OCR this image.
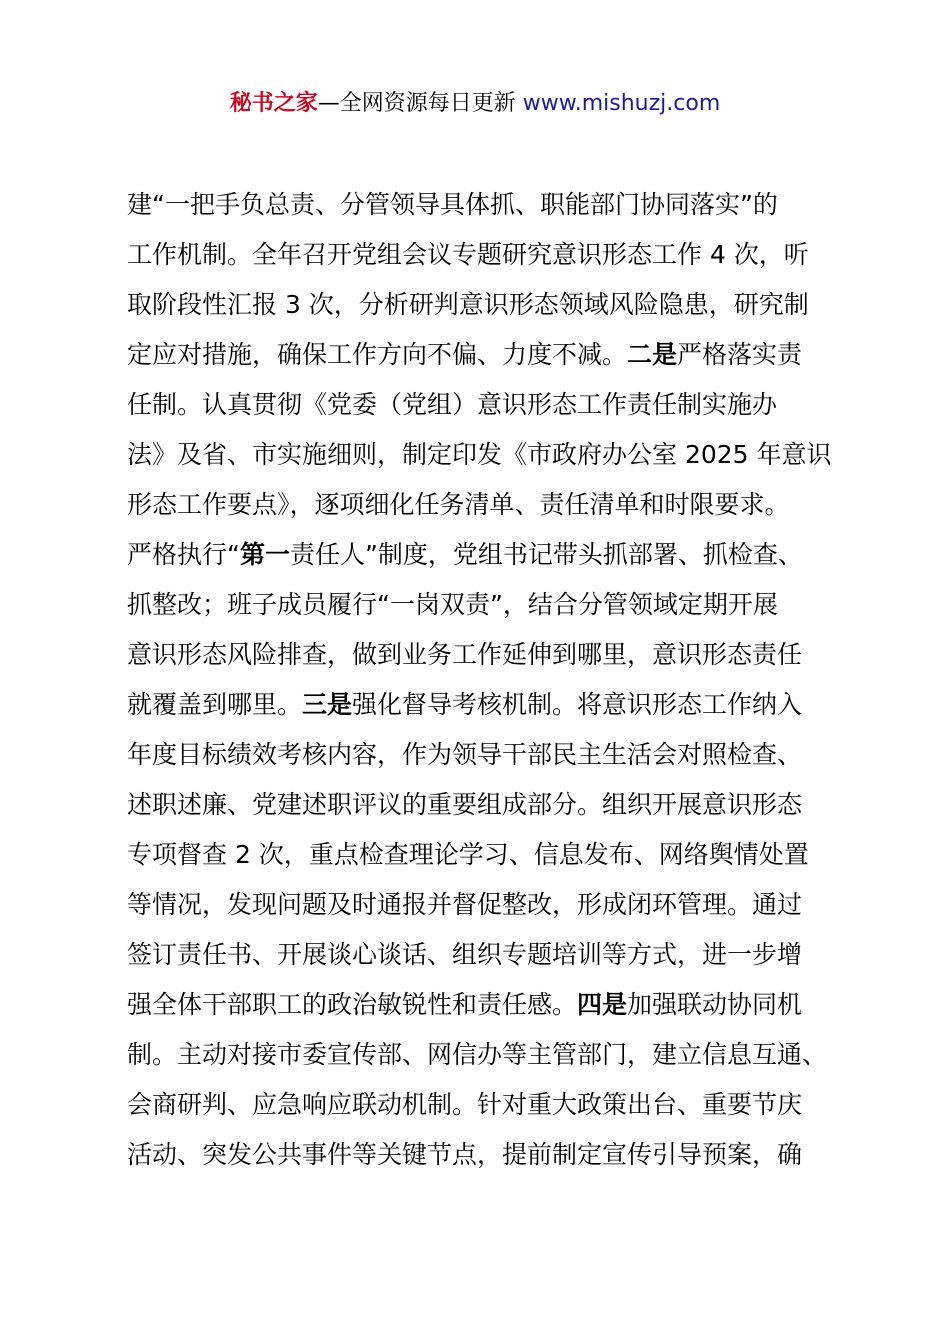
秘书之家—全网资源每日更新 www.mishuzj.com
建“一把手负总责、分管领导具体抓、职能部门协同落实”的
工作机制。全年召开党组会议专题研究意识形态工作 4 次，听
取阶段性汇报 3 次，分析研判意识形态领域风险隐患，研究制
定应对措施，确保工作方向不偏、力度不减。二是严格落实责
任制。认真贯彻《党委（党组）意识形态工作责任制实施办
法》及省、市实施细则，制定印发《市政府办公室 2025 年意识
形态工作要点》，逐项细化任务清单、责任清单和时限要求。
严格执行“第一责任人”制度，党组书记带头抓部署、抓检查、
抓整改；班子成员履行“一岗双责”，结合分管领域定期开展
意识形态风险排查，做到业务工作延伸到哪里，意识形态责任
就覆盖到哪里。三是强化督导考核机制。将意识形态工作纳入
年度目标绩效考核内容，作为领导干部民主生活会对照检查、
述职述廉、党建述职评议的重要组成部分。组织开展意识形态
专项督查 2 次，重点检查理论学习、信息发布、网络舆情处置
等情况，发现问题及时通报并督促整改，形成闭环管理。通过
签订责任书、开展谈心谈话、组织专题培训等方式，进一步增
强全体干部职工的政治敏锐性和责任感。四是加强联动协同机
制。主动对接市委宣传部、网信办等主管部门，建立信息互通、
会商研判、应急响应联动机制。针对重大政策出台、重要节庆
活动、突发公共事件等关键节点，提前制定宣传引导预案，确
